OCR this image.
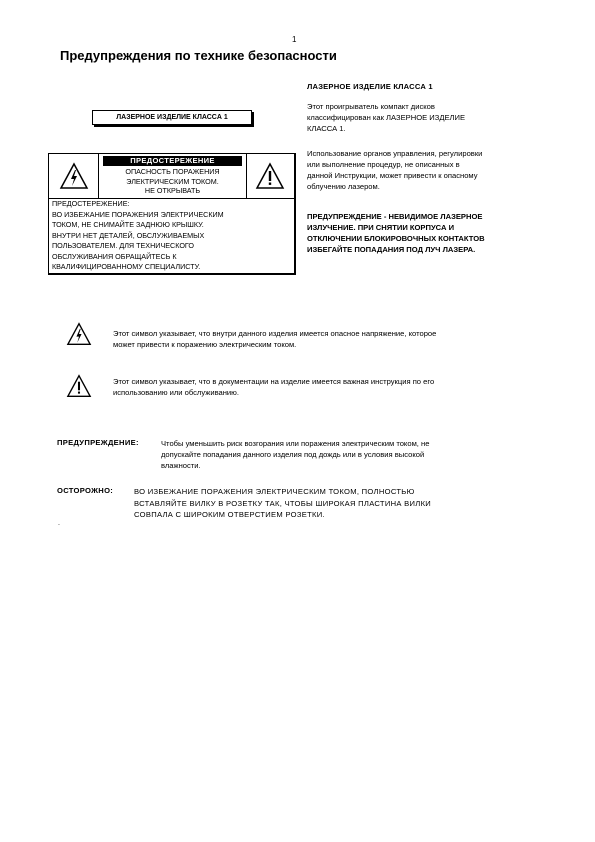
1
Предупреждения по технике безопасности
ЛАЗЕРНОЕ ИЗДЕЛИЕ КЛАСCА 1
ПРЕДОСТЕРЕЖЕНИЕ
ОПАСНОСТЬ ПОРАЖЕНИЯ
ЭЛЕКТРИЧЕСКИМ ТОКОМ.
НЕ ОТКРЫВАТЬ
ПРЕДОСТЕРЕЖЕНИЕ:
ВО ИЗБЕЖАНИЕ ПОРАЖЕНИЯ ЭЛЕКТРИЧЕСКИМ
ТОКОМ, НЕ СНИМАЙТЕ ЗАДНЮЮ КРЫШКУ.
ВНУТРИ НЕТ ДЕТАЛЕЙ, ОБСЛУЖИВАЕМЫХ
ПОЛЬЗОВАТЕЛЕМ. ДЛЯ ТЕХНИЧЕСКОГО
ОБСЛУЖИВАНИЯ ОБРАЩАЙТЕСЬ К
КВАЛИФИЦИРОВАННОМУ СПЕЦИАЛИСТУ.
ЛАЗЕРНОЕ ИЗДЕЛИЕ КЛАССА 1
Этот проигрыватель компакт дисков
классифицирован как ЛАЗЕРНОЕ ИЗДЕЛИЕ
КЛАССА 1.
Использование органов управления, регулировки
или выполнение процедур, не описанных в
данной Инструкции, может привести к опасному
облучению лазером.
ПРЕДУПРЕЖДЕНИЕ - НЕВИДИМОЕ ЛАЗЕРНОЕ
ИЗЛУЧЕНИЕ. ПРИ СНЯТИИ КОРПУСА И
ОТКЛЮЧЕНИИ БЛОКИРОВОЧНЫХ КОНТАКТОВ
ИЗБЕГАЙТЕ ПОПАДАНИЯ ПОД ЛУЧ ЛАЗЕРА.
Этот символ указывает, что внутри данного изделия имеется опасное напряжение, которое
может привести к поражению электрическим током.
Этот символ указывает, что в документации на изделие имеется важная инструкция по его
использованию или обслуживанию.
ПРЕДУПРЕЖДЕНИЕ:	Чтобы уменьшить риск возгорания или поражения электрическим током, не
допускайте попадания данного изделия под дождь или в условия высокой
влажности.
ОСТОРОЖНО:	ВО ИЗБЕЖАНИЕ ПОРАЖЕНИЯ ЭЛЕКТРИЧЕСКИМ ТОКОМ, ПОЛНОСТЬЮ
ВСТАВЛЯЙТЕ ВИЛКУ В РОЗЕТКУ ТАК, ЧТОБЫ ШИРОКАЯ ПЛАСТИНА ВИЛКИ
СОВПАЛА С ШИРОКИМ ОТВЕРСТИЕМ РОЗЕТКИ.
.
